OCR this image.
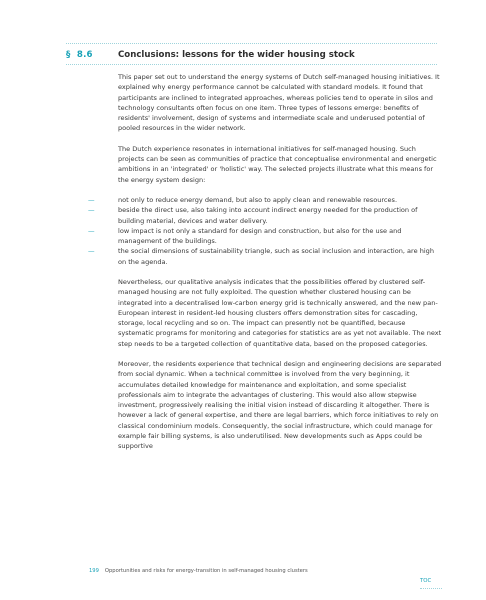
§ 8.6	Conclusions: lessons for the wider housing stock

This paper set out to understand the energy systems of Dutch self-managed housing initiatives. It explained why energy performance cannot be calculated with standard models. It found that participants are inclined to integrated approaches, whereas policies tend to operate in silos and technology consultants often focus on one item. Three types of lessons emerge: benefits of residents' involvement, design of systems and intermediate scale and underused potential of pooled resources in the wider network.

The Dutch experience resonates in international initiatives for self-managed housing. Such projects can be seen as communities of practice that conceptualise environmental and energetic ambitions in an 'integrated' or 'holistic' way. The selected projects illustrate what this means for the energy system design:

—	not only to reduce energy demand, but also to apply clean and renewable resources.
—	beside the direct use, also taking into account indirect energy needed for the production of building material, devices and water delivery.
—	low impact is not only a standard for design and construction, but also for the use and management of the buildings.
—	the social dimensions of sustainability triangle, such as social inclusion and interaction, are high on the agenda.

Nevertheless, our qualitative analysis indicates that the possibilities offered by clustered self-managed housing are not fully exploited. The question whether clustered housing can be integrated into a decentralised low-carbon energy grid is technically answered, and the new pan-European interest in resident-led housing clusters offers demonstration sites for cascading, storage, local recycling and so on. The impact can presently not be quantified, because systematic programs for monitoring and categories for statistics are as yet not available. The next step needs to be a targeted collection of quantitative data, based on the proposed categories.

Moreover, the residents experience that technical design and engineering decisions are separated from social dynamic. When a technical committee is involved from the very beginning, it accumulates detailed knowledge for maintenance and exploitation, and some specialist professionals aim to integrate the advantages of clustering. This would also allow stepwise investment, progressively realising the initial vision instead of discarding it altogether. There is however a lack of general expertise, and there are legal barriers, which force initiatives to rely on classical condominium models. Consequently, the social infrastructure, which could manage for example fair billing systems, is also underutilised. New developments such as Apps could be supportive

199 Opportunities and risks for energy-transition in self-managed housing clusters
TOC
